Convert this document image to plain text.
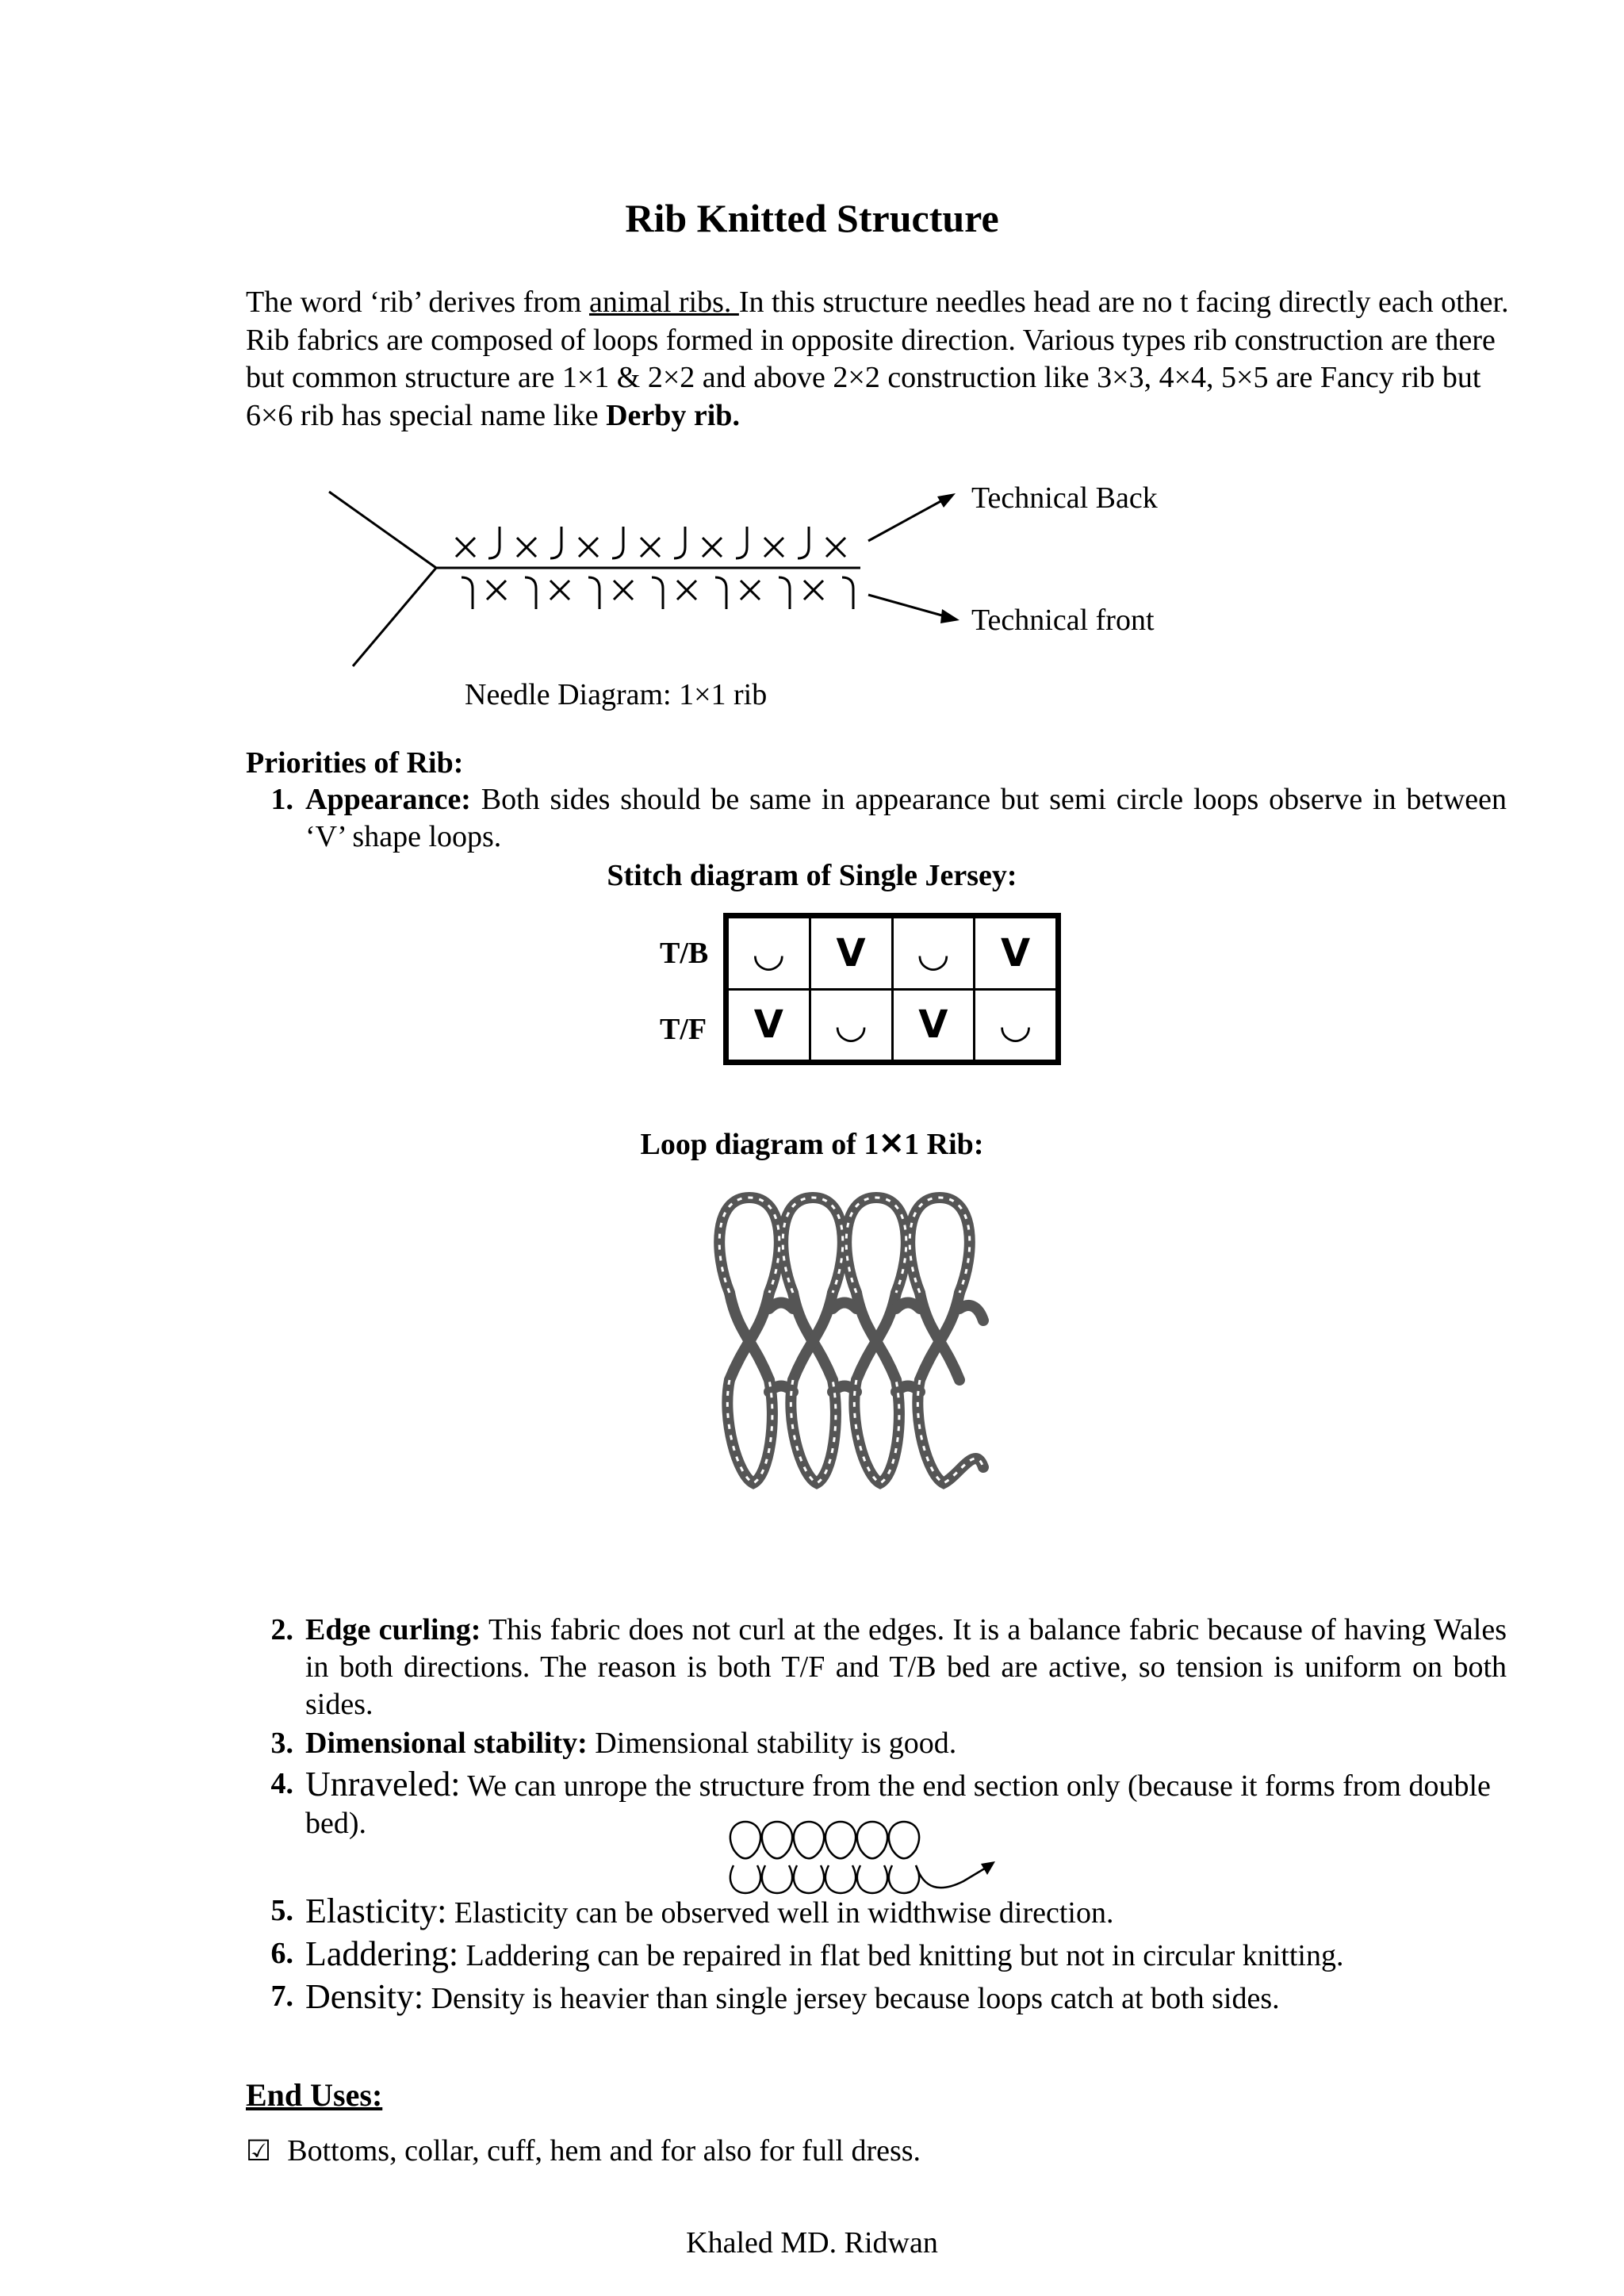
Rib Knitted Structure
The word ‘rib’ derives from animal ribs. In this structure needles head are no t facing directly each other. Rib fabrics are composed of loops formed in opposite direction. Various types rib construction are there but common structure are 1×1 & 2×2 and above 2×2 construction like 3×3, 4×4, 5×5 are Fancy rib but 6×6 rib has special name like Derby rib.
Technical Back
Technical front
Needle Diagram: 1×1 rib
Priorities of Rib:
1. Appearance: Both sides should be same in appearance but semi circle loops observe in between ‘V’ shape loops.
Stitch diagram of Single Jersey:
T/B
T/F
◡	V	◡	V
V	◡	V	◡
Loop diagram of 1✕1 Rib:
2. Edge curling: This fabric does not curl at the edges. It is a balance fabric because of having Wales in both directions. The reason is both T/F and T/B bed are active, so tension is uniform on both sides.
3. Dimensional stability: Dimensional stability is good.
4. Unraveled: We can unrope the structure from the end section only (because it forms from double bed).
5. Elasticity: Elasticity can be observed well in widthwise direction.
6. Laddering: Laddering can be repaired in flat bed knitting but not in circular knitting.
7. Density: Density is heavier than single jersey because loops catch at both sides.
End Uses:
☑ Bottoms, collar, cuff, hem and for also for full dress.
Khaled MD. Ridwan
